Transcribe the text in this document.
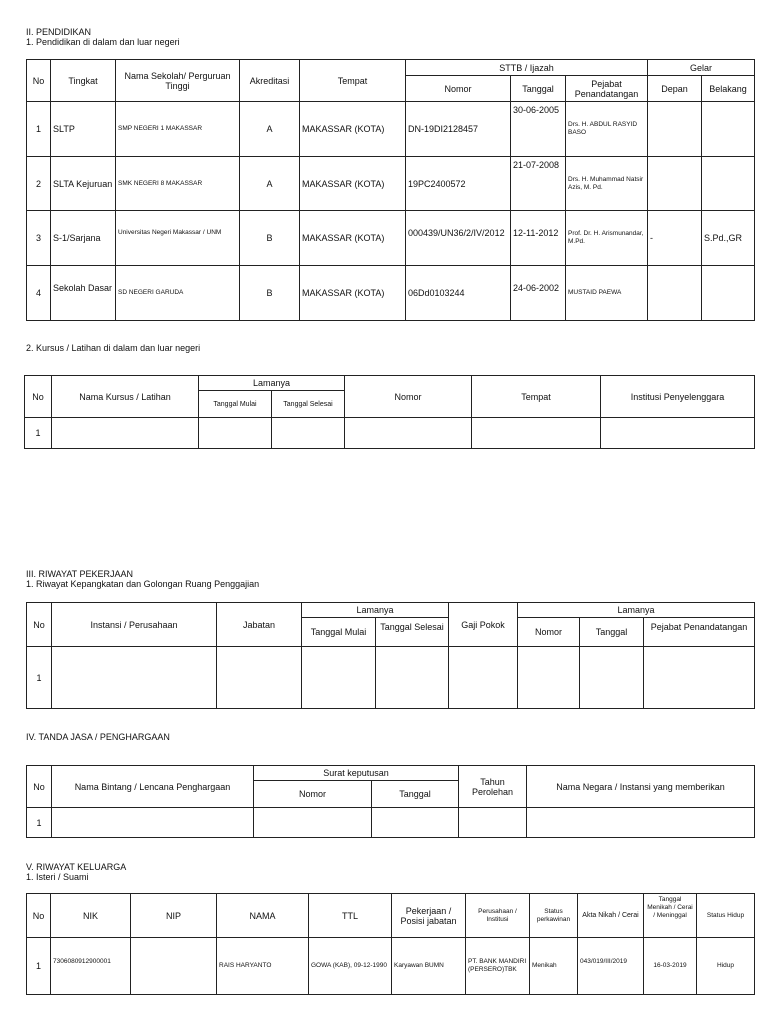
II. PENDIDIKAN
1. Pendidikan di dalam dan luar negeri
No	Tingkat	Nama Sekolah/ Perguruan Tinggi	Akreditasi	Tempat	STTB / Ijazah			Gelar	
					Nomor	Tanggal	Pejabat Penandatangan	Depan	Belakang
1	SLTP	SMP NEGERI 1 MAKASSAR	A	MAKASSAR (KOTA)	DN-19DI2128457	30-06-2005	Drs. H. ABDUL RASYID BASO		
2	SLTA Kejuruan	SMK NEGERI 8 MAKASSAR	A	MAKASSAR (KOTA)	19PC2400572	21-07-2008	Drs. H. Muhammad Natsir Azis, M. Pd.		
3	S-1/Sarjana	Universitas Negeri Makassar / UNM	B	MAKASSAR (KOTA)	000439/UN36/2/IV/2012	12-11-2012	Prof. Dr. H. Arismunandar, M.Pd.	-	S.Pd.,GR
4	Sekolah Dasar	SD NEGERI GARUDA	B	MAKASSAR (KOTA)	06Dd0103244	24-06-2002	MUSTAID PAEWA		
2. Kursus / Latihan di dalam dan luar negeri
No	Nama Kursus / Latihan	Lamanya		Nomor	Tempat	Institusi Penyelenggara
		Tanggal Mulai	Tanggal Selesai			
1						
III. RIWAYAT PEKERJAAN
1. Riwayat Kepangkatan dan Golongan Ruang Penggajian
No	Instansi / Perusahaan	Jabatan	Lamanya		Gaji Pokok	Lamanya		
			Tanggal Mulai	Tanggal Selesai		Nomor	Tanggal	Pejabat Penandatangan
1								
IV. TANDA JASA / PENGHARGAAN
No	Nama Bintang / Lencana Penghargaan	Surat keputusan		Tahun Perolehan	Nama Negara / Instansi yang memberikan
		Nomor	Tanggal		
1					
V. RIWAYAT KELUARGA
1. Isteri / Suami
No	NIK	NIP	NAMA	TTL	Pekerjaan / Posisi jabatan	Perusahaan / Institusi	Status perkawinan	Akta Nikah / Cerai	Tanggal Menikah / Cerai / Meninggal	Status Hidup
1	7306080912900001		RAIS HARYANTO	GOWA (KAB), 09-12-1990	Karyawan BUMN	PT. BANK MANDIRI (PERSERO)TBK	Menikah	043/019/III/2019	16-03-2019	Hidup
